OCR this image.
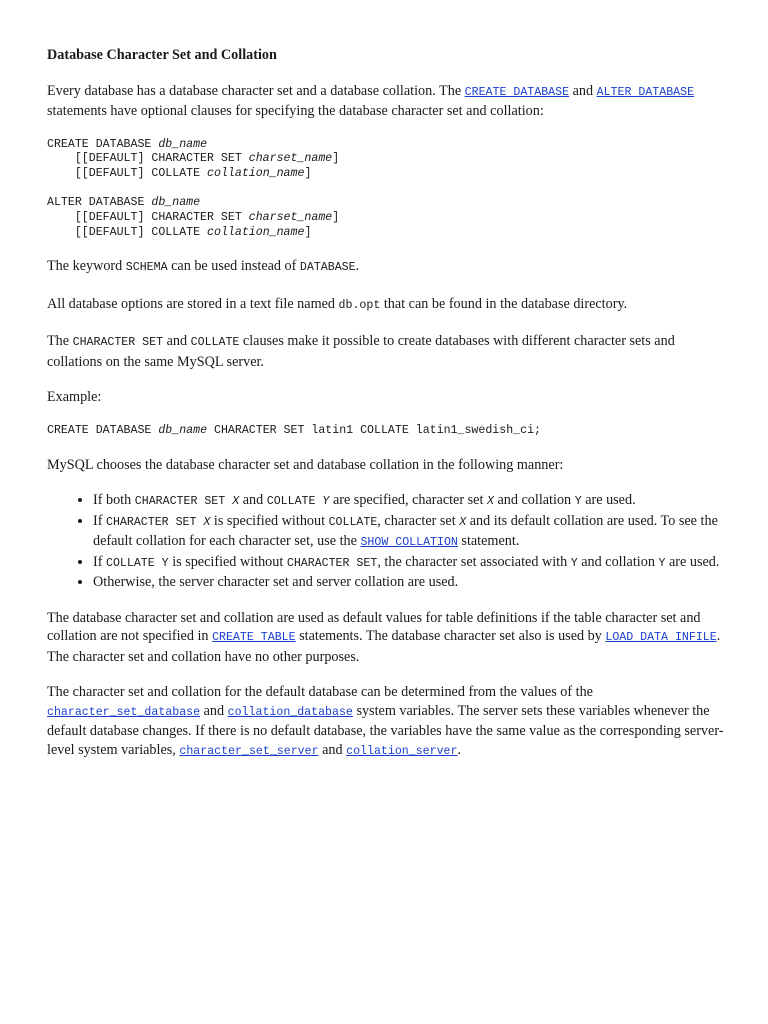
Database Character Set and Collation

Every database has a database character set and a database collation. The CREATE DATABASE and ALTER DATABASE statements have optional clauses for specifying the database character set and collation:

CREATE DATABASE db_name
[[DEFAULT] CHARACTER SET charset_name]
[[DEFAULT] COLLATE collation_name]

ALTER DATABASE db_name
[[DEFAULT] CHARACTER SET charset_name]
[[DEFAULT] COLLATE collation_name]

The keyword SCHEMA can be used instead of DATABASE.

All database options are stored in a text file named db.opt that can be found in the database directory.

The CHARACTER SET and COLLATE clauses make it possible to create databases with different character sets and collations on the same MySQL server.

Example:

CREATE DATABASE db_name CHARACTER SET latin1 COLLATE latin1_swedish_ci;

MySQL chooses the database character set and database collation in the following manner:

• If both CHARACTER SET X and COLLATE Y are specified, character set X and collation Y are used.
• If CHARACTER SET X is specified without COLLATE, character set X and its default collation are used. To see the default collation for each character set, use the SHOW COLLATION statement.
• If COLLATE Y is specified without CHARACTER SET, the character set associated with Y and collation Y are used.
• Otherwise, the server character set and server collation are used.

The database character set and collation are used as default values for table definitions if the table character set and collation are not specified in CREATE TABLE statements. The database character set also is used by LOAD DATA INFILE. The character set and collation have no other purposes.

The character set and collation for the default database can be determined from the values of the character_set_database and collation_database system variables. The server sets these variables whenever the default database changes. If there is no default database, the variables have the same value as the corresponding server-level system variables, character_set_server and collation_server.
